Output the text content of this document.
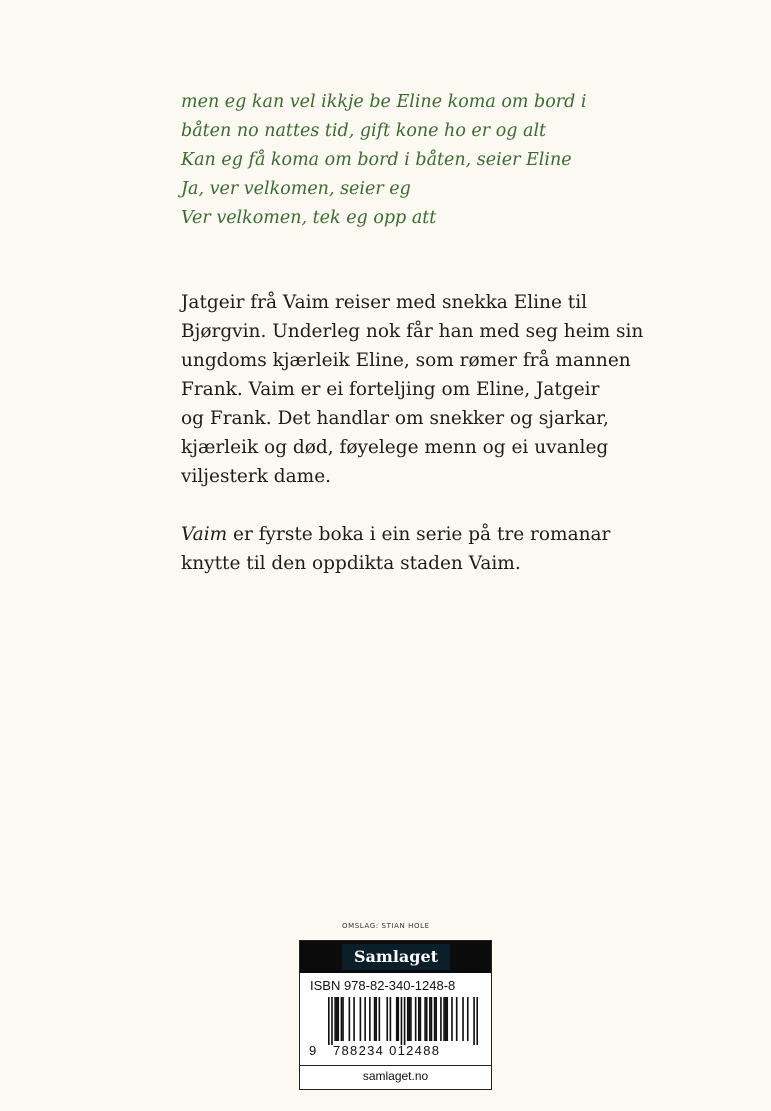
men eg kan vel ikkje be Eline koma om bord i
båten no nattes tid, gift kone ho er og alt
Kan eg få koma om bord i båten, seier Eline
Ja, ver velkomen, seier eg
Ver velkomen, tek eg opp att
Jatgeir frå Vaim reiser med snekka Eline til
Bjørgvin. Underleg nok får han med seg heim sin
ungdoms kjærleik Eline, som rømer frå mannen
Frank. Vaim er ei forteljing om Eline, Jatgeir
og Frank. Det handlar om snekker og sjarkar,
kjærleik og død, føyelege menn og ei uvanleg
viljesterk dame.
Vaim er fyrste boka i ein serie på tre romanar
knytte til den oppdikta staden Vaim.
OMSLAG: STIAN HOLE
Samlaget
ISBN 978-82-340-1248-8
9 788234 012488
samlaget.no
